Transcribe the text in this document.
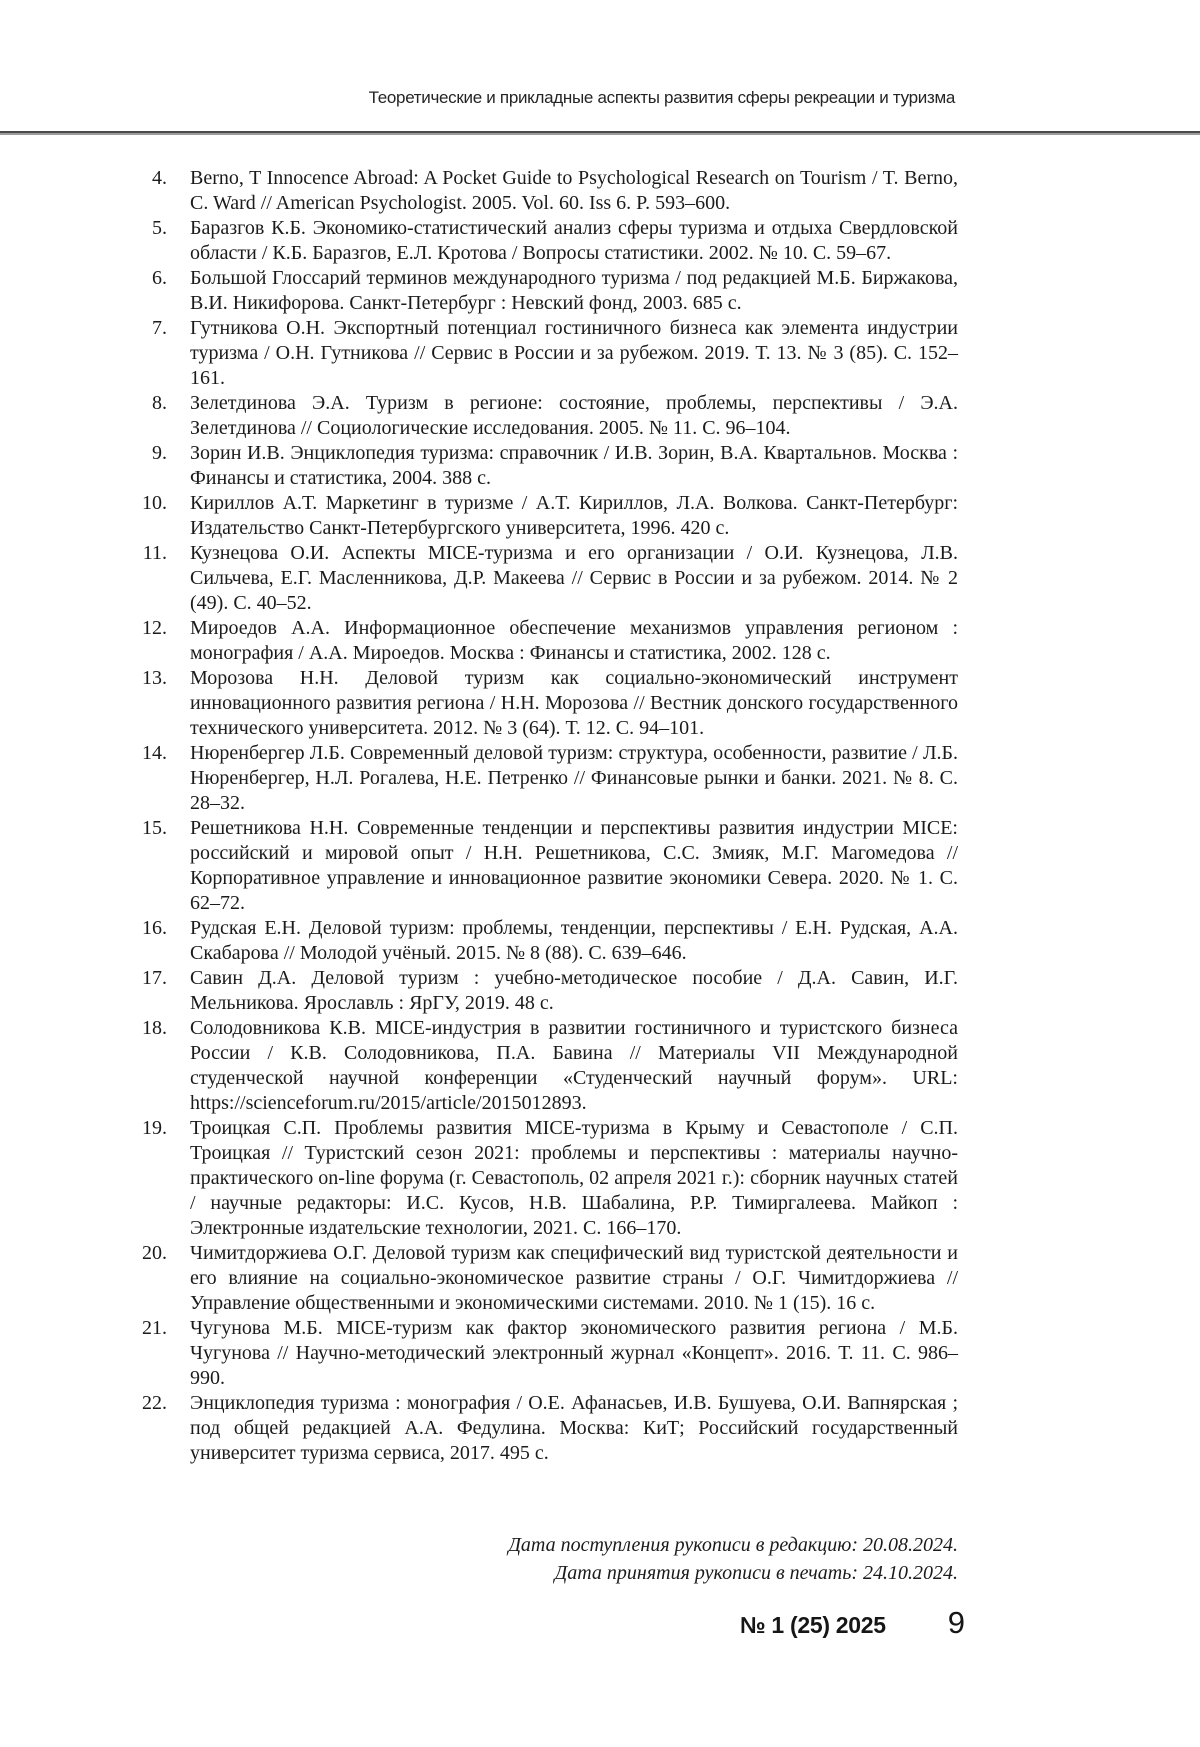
Теоретические и прикладные аспекты развития сферы рекреации и туризма
4.	Berno, T Innocence Abroad: A Pocket Guide to Psychological Research on Tourism / T. Berno, C. Ward // American Psychologist. 2005. Vol. 60. Iss 6. P. 593–600.
5.	Баразгов К.Б. Экономико-статистический анализ сферы туризма и отдыха Свердловской области / К.Б. Баразгов, Е.Л. Кротова / Вопросы статистики. 2002. № 10. С. 59–67.
6.	Большой Глоссарий терминов международного туризма / под редакцией М.Б. Биржакова, В.И. Никифорова. Санкт-Петербург : Невский фонд, 2003. 685 с.
7.	Гутникова О.Н. Экспортный потенциал гостиничного бизнеса как элемента индустрии туризма / О.Н. Гутникова // Сервис в России и за рубежом. 2019. Т. 13. № 3 (85). С. 152–161.
8.	Зелетдинова Э.А. Туризм в регионе: состояние, проблемы, перспективы / Э.А. Зелетдинова // Социологические исследования. 2005. № 11. С. 96–104.
9.	Зорин И.В. Энциклопедия туризма: справочник / И.В. Зорин, В.А. Квартальнов. Москва : Финансы и статистика, 2004. 388 с.
10.	Кириллов А.Т. Маркетинг в туризме / А.Т. Кириллов, Л.А. Волкова. Санкт-Петербург: Издательство Санкт-Петербургского университета, 1996. 420 с.
11.	Кузнецова О.И. Аспекты MICE-туризма и его организации / О.И. Кузнецова, Л.В. Сильчева, Е.Г. Масленникова, Д.Р. Макеева // Сервис в России и за рубежом. 2014. № 2 (49). С. 40–52.
12.	Мироедов А.А. Информационное обеспечение механизмов управления регионом : монография / А.А. Мироедов. Москва : Финансы и статистика, 2002. 128 с.
13.	Морозова Н.Н. Деловой туризм как социально-экономический инструмент инновационного развития региона / Н.Н. Морозова // Вестник донского государственного технического университета. 2012. № 3 (64). Т. 12. С. 94–101.
14.	Нюренбергер Л.Б. Современный деловой туризм: структура, особенности, развитие / Л.Б. Нюренбергер, Н.Л. Рогалева, Н.Е. Петренко // Финансовые рынки и банки. 2021. № 8. С. 28–32.
15.	Решетникова Н.Н. Современные тенденции и перспективы развития индустрии MICE: российский и мировой опыт / Н.Н. Решетникова, С.С. Змияк, М.Г. Магомедова // Корпоративное управление и инновационное развитие экономики Севера. 2020. № 1. С. 62–72.
16.	Рудская Е.Н. Деловой туризм: проблемы, тенденции, перспективы / Е.Н. Рудская, А.А. Скабарова // Молодой учёный. 2015. № 8 (88). С. 639–646.
17.	Савин Д.А. Деловой туризм : учебно-методическое пособие / Д.А. Савин, И.Г. Мельникова. Ярославль : ЯрГУ, 2019. 48 с.
18.	Солодовникова К.В. MICE-индустрия в развитии гостиничного и туристского бизнеса России / К.В. Солодовникова, П.А. Бавина // Материалы VII Международной студенческой научной конференции «Студенческий научный форум». URL: https://scienceforum.ru/2015/article/2015012893.
19.	Троицкая С.П. Проблемы развития MICE-туризма в Крыму и Севастополе / С.П. Троицкая // Туристский сезон 2021: проблемы и перспективы : материалы научно-практического on-line форума (г. Севастополь, 02 апреля 2021 г.): сборник научных статей / научные редакторы: И.С. Кусов, Н.В. Шабалина, Р.Р. Тимиргалеева. Майкоп : Электронные издательские технологии, 2021. С. 166–170.
20.	Чимитдоржиева О.Г. Деловой туризм как специфический вид туристской деятельности и его влияние на социально-экономическое развитие страны / О.Г. Чимитдоржиева // Управление общественными и экономическими системами. 2010. № 1 (15). 16 с.
21.	Чугунова М.Б. MICE-туризм как фактор экономического развития региона / М.Б. Чугунова // Научно-методический электронный журнал «Концепт». 2016. Т. 11. С. 986–990.
22.	Энциклопедия туризма : монография / О.Е. Афанасьев, И.В. Бушуева, О.И. Вапнярская ; под общей редакцией А.А. Федулина. Москва: КиТ; Российский государственный университет туризма сервиса, 2017. 495 с.
Дата поступления рукописи в редакцию: 20.08.2024.
Дата принятия рукописи в печать: 24.10.2024.
№ 1 (25) 2025 9
